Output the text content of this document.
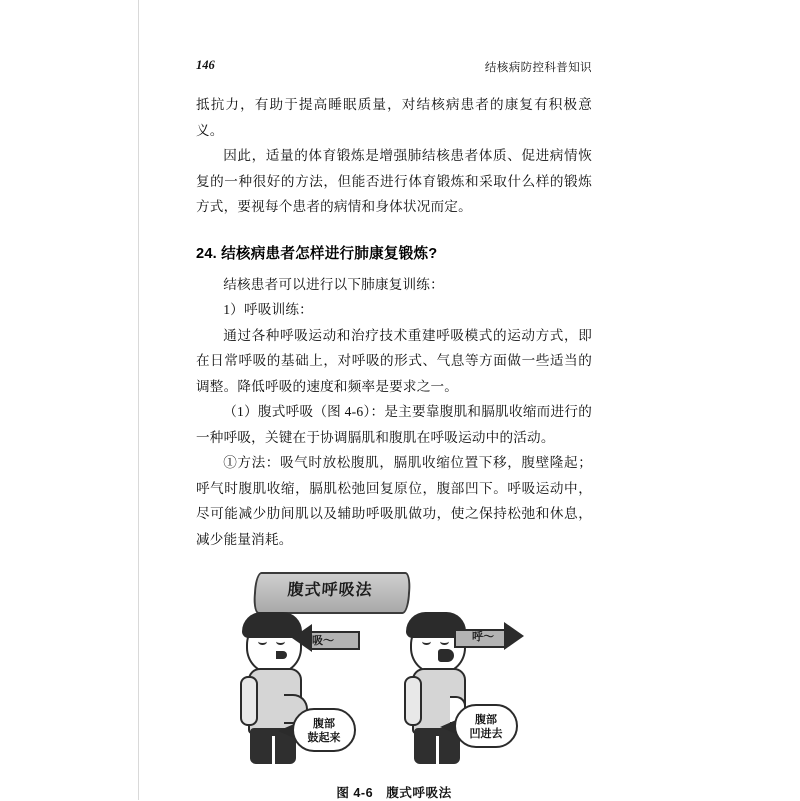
146	结核病防控科普知识

抵抗力，有助于提高睡眠质量，对结核病患者的康复有积极意义。

因此，适量的体育锻炼是增强肺结核患者体质、促进病情恢复的一种很好的方法，但能否进行体育锻炼和采取什么样的锻炼方式，要视每个患者的病情和身体状况而定。

24. 结核病患者怎样进行肺康复锻炼?

结核患者可以进行以下肺康复训练：

1）呼吸训练：

通过各种呼吸运动和治疗技术重建呼吸模式的运动方式，即在日常呼吸的基础上，对呼吸的形式、气息等方面做一些适当的调整。降低呼吸的速度和频率是要求之一。

（1）腹式呼吸（图 4-6）：是主要靠腹肌和膈肌收缩而进行的一种呼吸，关键在于协调膈肌和腹肌在呼吸运动中的活动。

①方法：吸气时放松腹肌，膈肌收缩位置下移，腹壁隆起；呼气时腹肌收缩，膈肌松弛回复原位，腹部凹下。呼吸运动中，尽可能减少肋间肌以及辅助呼吸肌做功，使之保持松弛和休息，减少能量消耗。

腹式呼吸法
吸～	呼～
腹部
鼓起来
腹部
凹进去
图 4-6　腹式呼吸法
